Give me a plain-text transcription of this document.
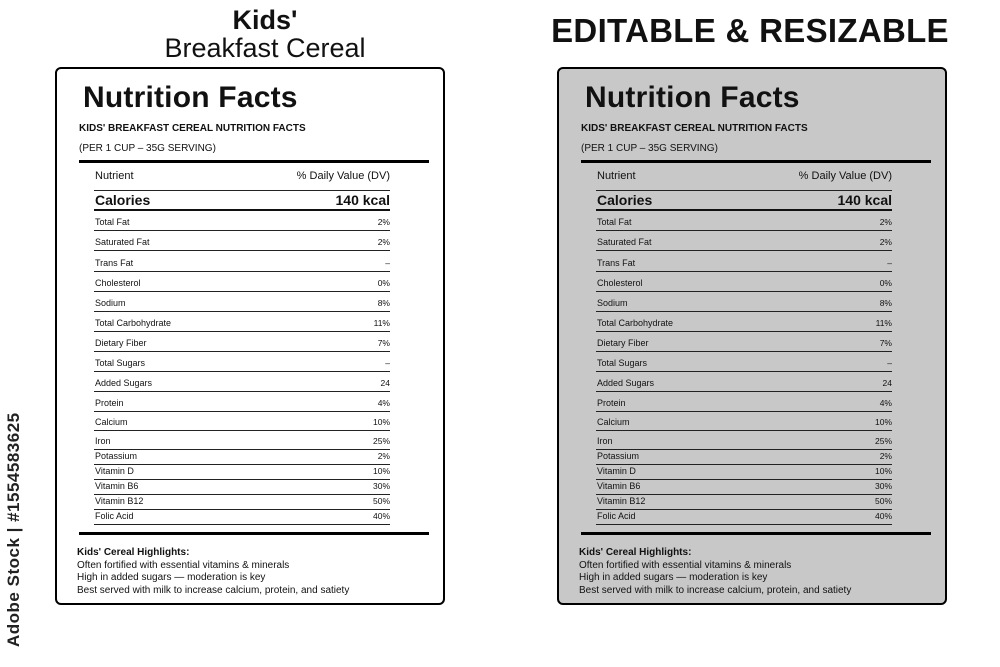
Adobe Stock | #1554583625
Kids'
Breakfast Cereal	EDITABLE & RESIZABLE
Nutrition Facts
KIDS' BREAKFAST CEREAL NUTRITION FACTS
(PER 1 CUP – 35G SERVING)
Nutrient	% Daily Value (DV)
Calories	140 kcal
Total Fat	2%
Saturated Fat	2%
Trans Fat	–
Cholesterol	0%
Sodium	8%
Total Carbohydrate	11%
Dietary Fiber	7%
Total Sugars	–
Added Sugars	24
Protein	4%
Calcium	10%
Iron	25%
Potassium	2%
Vitamin D	10%
Vitamin B6	30%
Vitamin B12	50%
Folic Acid	40%
Kids' Cereal Highlights:
Often fortified with essential vitamins & minerals
High in added sugars — moderation is key
Best served with milk to increase calcium, protein, and satiety
Nutrition Facts
KIDS' BREAKFAST CEREAL NUTRITION FACTS
(PER 1 CUP – 35G SERVING)
Nutrient	% Daily Value (DV)
Calories	140 kcal
Total Fat	2%
Saturated Fat	2%
Trans Fat	–
Cholesterol	0%
Sodium	8%
Total Carbohydrate	11%
Dietary Fiber	7%
Total Sugars	–
Added Sugars	24
Protein	4%
Calcium	10%
Iron	25%
Potassium	2%
Vitamin D	10%
Vitamin B6	30%
Vitamin B12	50%
Folic Acid	40%
Kids' Cereal Highlights:
Often fortified with essential vitamins & minerals
High in added sugars — moderation is key
Best served with milk to increase calcium, protein, and satiety
